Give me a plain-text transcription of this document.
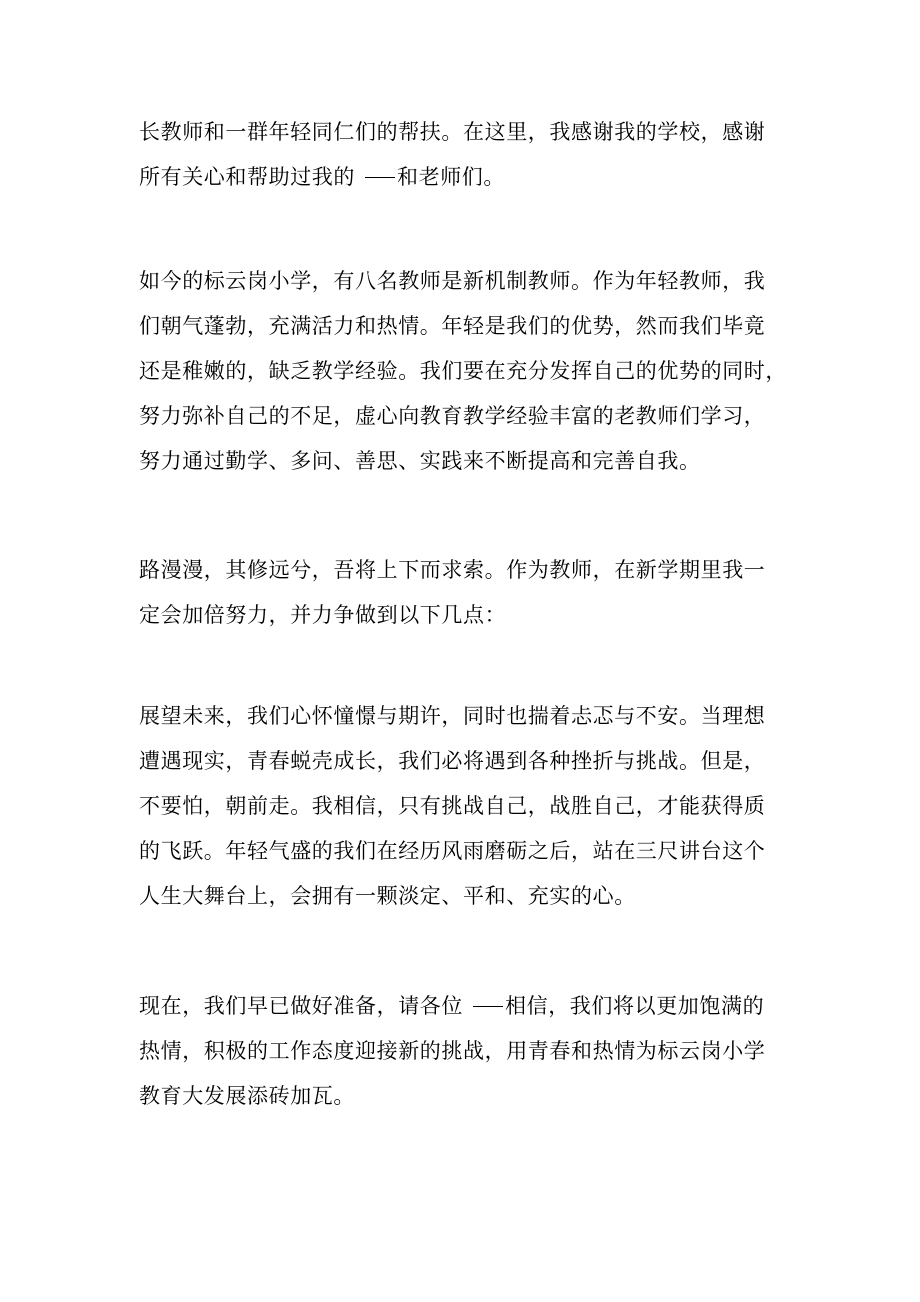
长教师和一群年轻同仁们的帮扶。在这里，我感谢我的学校，感谢
所有关心和帮助过我的 和老师们。
如今的标云岗小学，有八名教师是新机制教师。作为年轻教师，我
们朝气蓬勃，充满活力和热情。年轻是我们的优势，然而我们毕竟
还是稚嫩的，缺乏教学经验。我们要在充分发挥自己的优势的同时，
努力弥补自己的不足，虚心向教育教学经验丰富的老教师们学习，
努力通过勤学、多问、善思、实践来不断提高和完善自我。
路漫漫，其修远兮，吾将上下而求索。作为教师，在新学期里我一
定会加倍努力，并力争做到以下几点：
展望未来，我们心怀憧憬与期许，同时也揣着忐忑与不安。当理想
遭遇现实，青春蜕壳成长，我们必将遇到各种挫折与挑战。但是，
不要怕，朝前走。我相信，只有挑战自己，战胜自己，才能获得质
的飞跃。年轻气盛的我们在经历风雨磨砺之后，站在三尺讲台这个
人生大舞台上，会拥有一颗淡定、平和、充实的心。
现在，我们早已做好准备，请各位 相信，我们将以更加饱满的
热情，积极的工作态度迎接新的挑战，用青春和热情为标云岗小学
教育大发展添砖加瓦。
